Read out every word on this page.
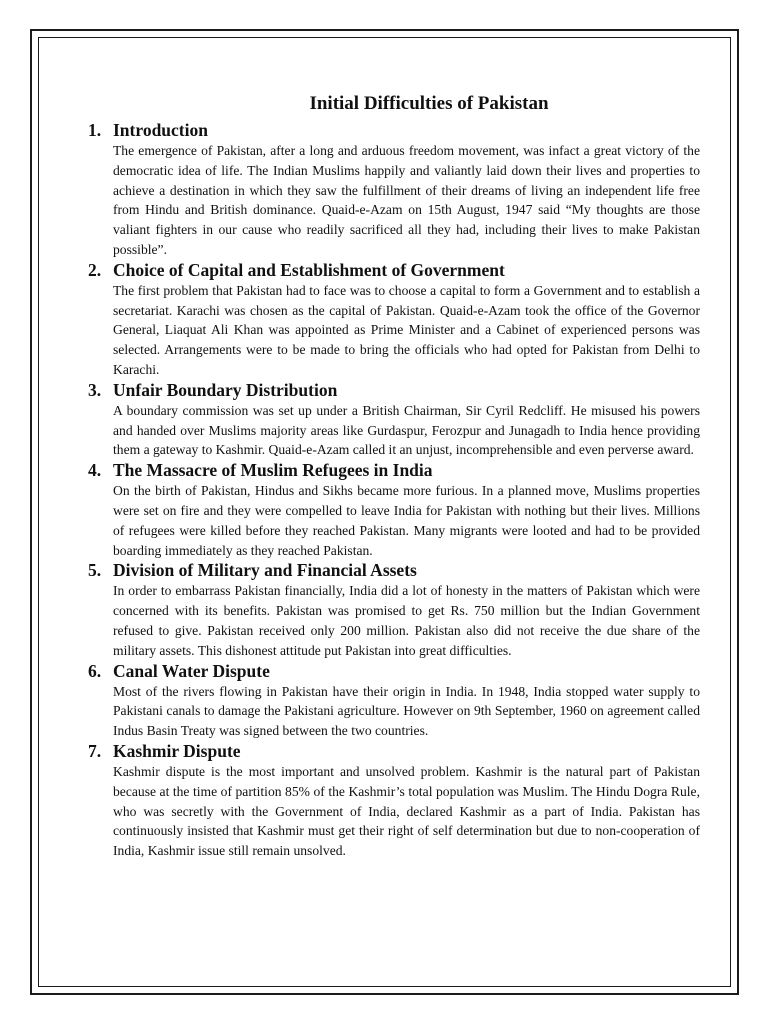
Initial Difficulties of Pakistan
1. Introduction

The emergence of Pakistan, after a long and arduous freedom movement, was infact a great victory of the democratic idea of life. The Indian Muslims happily and valiantly laid down their lives and properties to achieve a destination in which they saw the fulfillment of their dreams of living an independent life free from Hindu and British dominance. Quaid-e-Azam on 15th August, 1947 said “My thoughts are those valiant fighters in our cause who readily sacrificed all they had, including their lives to make Pakistan possible”.

2. Choice of Capital and Establishment of Government

The first problem that Pakistan had to face was to choose a capital to form a Government and to establish a secretariat. Karachi was chosen as the capital of Pakistan. Quaid-e-Azam took the office of the Governor General, Liaquat Ali Khan was appointed as Prime Minister and a Cabinet of experienced persons was selected. Arrangements were to be made to bring the officials who had opted for Pakistan from Delhi to Karachi.

3. Unfair Boundary Distribution

A boundary commission was set up under a British Chairman, Sir Cyril Redcliff. He misused his powers and handed over Muslims majority areas like Gurdaspur, Ferozpur and Junagadh to India hence providing them a gateway to Kashmir. Quaid-e-Azam called it an unjust, incomprehensible and even perverse award.

4. The Massacre of Muslim Refugees in India

On the birth of Pakistan, Hindus and Sikhs became more furious. In a planned move, Muslims properties were set on fire and they were compelled to leave India for Pakistan with nothing but their lives. Millions of refugees were killed before they reached Pakistan. Many migrants were looted and had to be provided boarding immediately as they reached Pakistan.

5. Division of Military and Financial Assets

In order to embarrass Pakistan financially, India did a lot of honesty in the matters of Pakistan which were concerned with its benefits. Pakistan was promised to get Rs. 750 million but the Indian Government refused to give. Pakistan received only 200 million. Pakistan also did not receive the due share of the military assets. This dishonest attitude put Pakistan into great difficulties.

6. Canal Water Dispute

Most of the rivers flowing in Pakistan have their origin in India. In 1948, India stopped water supply to Pakistani canals to damage the Pakistani agriculture. However on 9th September, 1960 on agreement called Indus Basin Treaty was signed between the two countries.

7. Kashmir Dispute

Kashmir dispute is the most important and unsolved problem. Kashmir is the natural part of Pakistan because at the time of partition 85% of the Kashmir’s total population was Muslim. The Hindu Dogra Rule, who was secretly with the Government of India, declared Kashmir as a part of India. Pakistan has continuously insisted that Kashmir must get their right of self determination but due to non-cooperation of India, Kashmir issue still remain unsolved.
